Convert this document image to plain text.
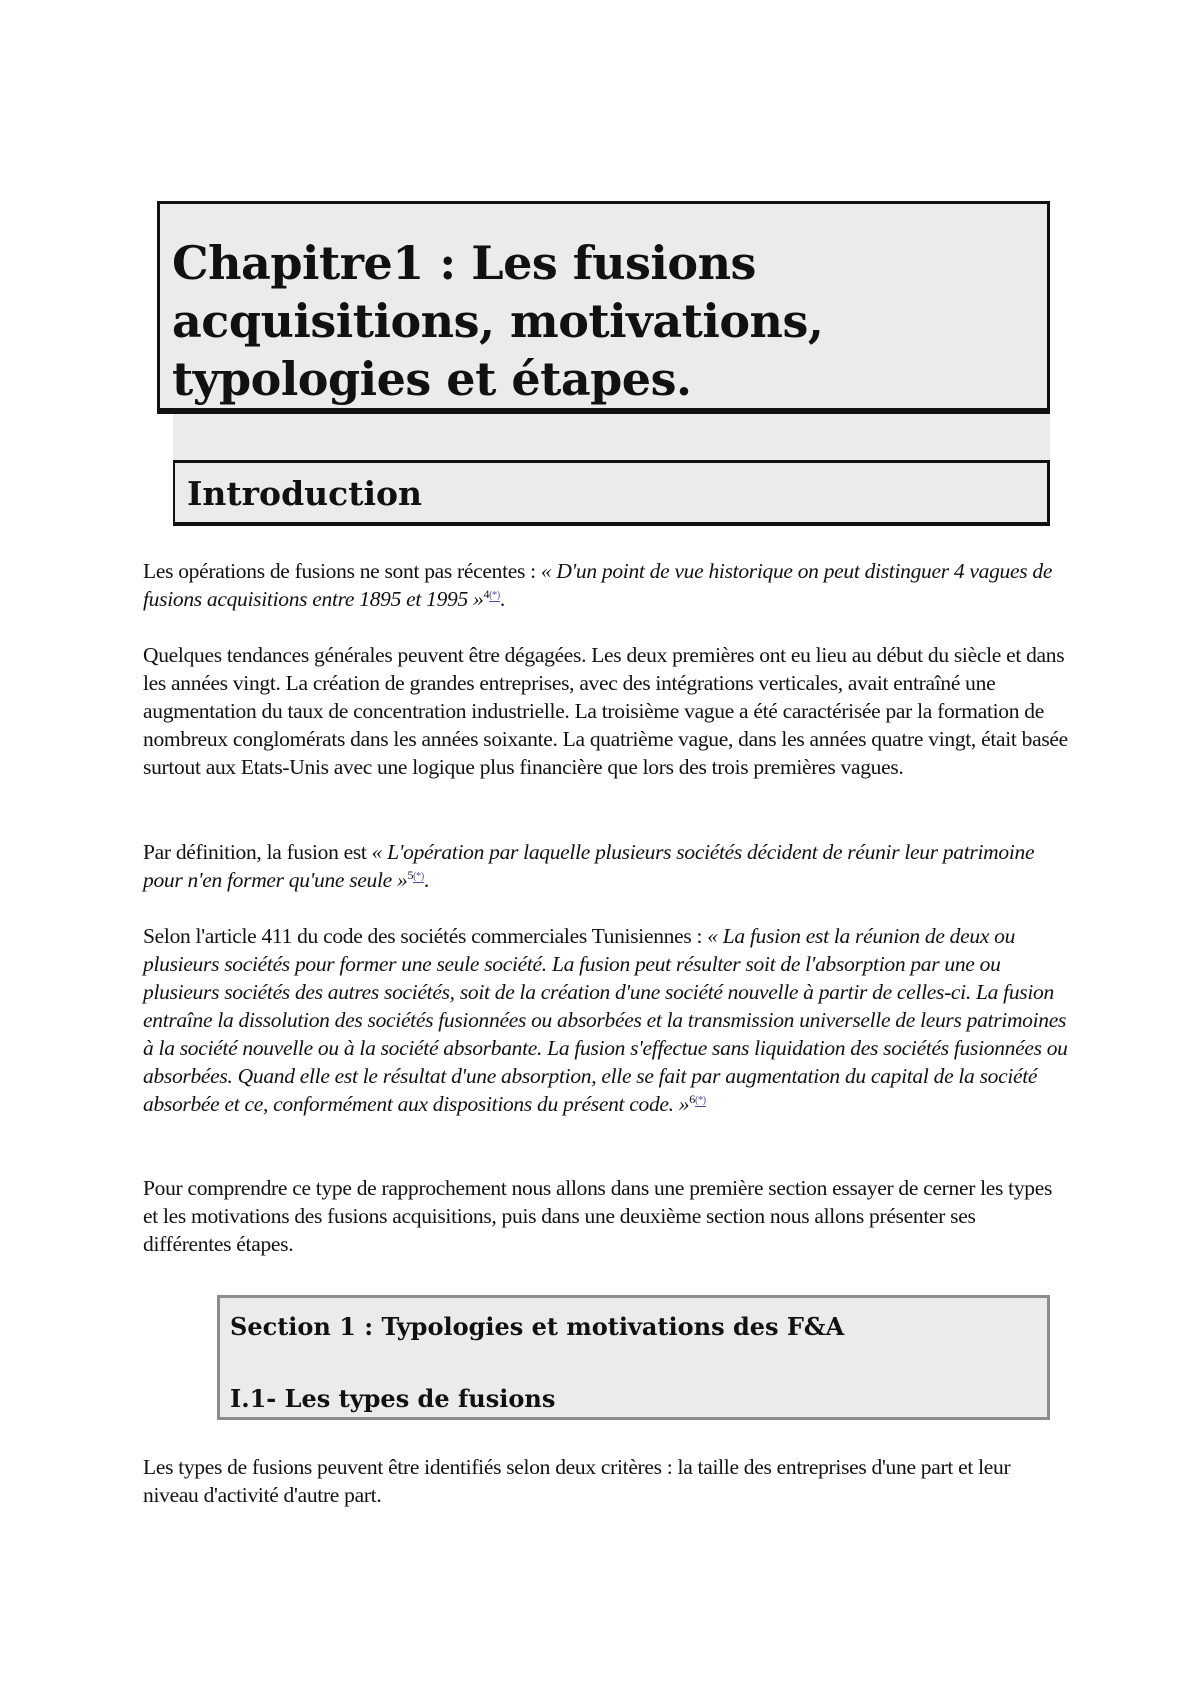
Chapitre1 : Les fusions acquisitions, motivations, typologies et étapes.
Introduction

Les opérations de fusions ne sont pas récentes : « D'un point de vue historique on peut distinguer 4 vagues de fusions acquisitions entre 1895 et 1995 »$^{4(*)}$.

Quelques tendances générales peuvent être dégagées. Les deux premières ont eu lieu au début du siècle et dans les années vingt. La création de grandes entreprises, avec des intégrations verticales, avait entraîné une augmentation du taux de concentration industrielle. La troisième vague a été caractérisée par la formation de nombreux conglomérats dans les années soixante. La quatrième vague, dans les années quatre vingt, était basée surtout aux Etats-Unis avec une logique plus financière que lors des trois premières vagues.

Par définition, la fusion est « L'opération par laquelle plusieurs sociétés décident de réunir leur patrimoine pour n'en former qu'une seule »$^{5(*)}$.

Selon l'article 411 du code des sociétés commerciales Tunisiennes : « La fusion est la réunion de deux ou plusieurs sociétés pour former une seule société. La fusion peut résulter soit de l'absorption par une ou plusieurs sociétés des autres sociétés, soit de la création d'une société nouvelle à partir de celles-ci. La fusion entraîne la dissolution des sociétés fusionnées ou absorbées et la transmission universelle de leurs patrimoines à la société nouvelle ou à la société absorbante. La fusion s'effectue sans liquidation des sociétés fusionnées ou absorbées. Quand elle est le résultat d'une absorption, elle se fait par augmentation du capital de la société absorbée et ce, conformément aux dispositions du présent code. »$^{6(*)}$

Pour comprendre ce type de rapprochement nous allons dans une première section essayer de cerner les types et les motivations des fusions acquisitions, puis dans une deuxième section nous allons présenter ses différentes étapes.

Section 1 : Typologies et motivations des F&A
I.1- Les types de fusions

Les types de fusions peuvent être identifiés selon deux critères : la taille des entreprises d'une part et leur niveau d'activité d'autre part.
